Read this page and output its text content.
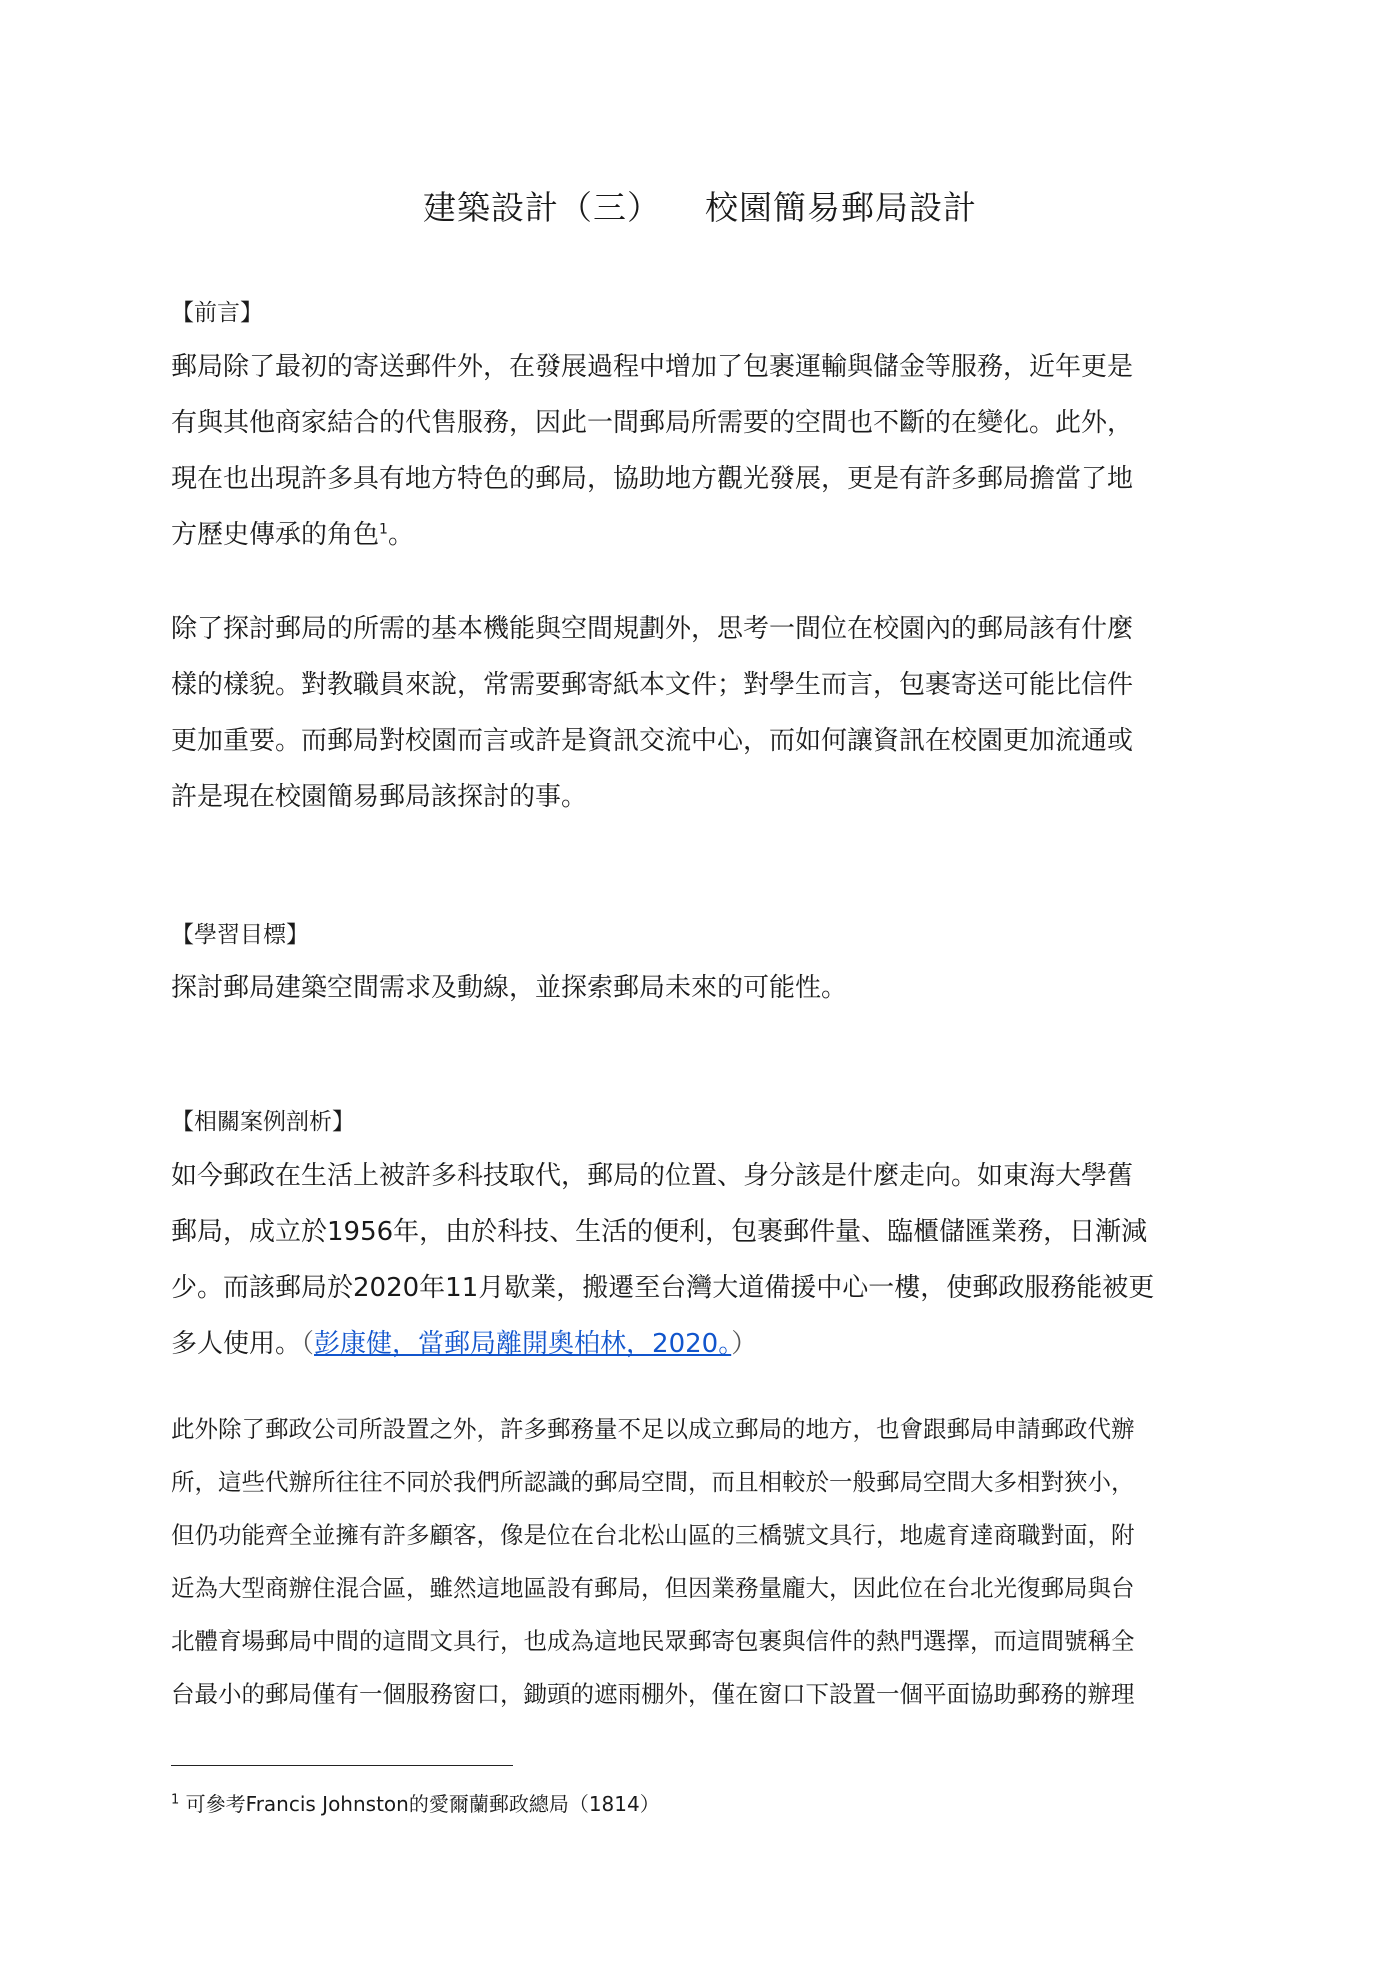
建築設計（三） 校園簡易郵局設計
【前言】
郵局除了最初的寄送郵件外，在發展過程中增加了包裹運輸與儲金等服務，近年更是
有與其他商家結合的代售服務，因此一間郵局所需要的空間也不斷的在變化。此外，
現在也出現許多具有地方特色的郵局，協助地方觀光發展，更是有許多郵局擔當了地
方歷史傳承的角色$^1$。
除了探討郵局的所需的基本機能與空間規劃外，思考一間位在校園內的郵局該有什麼
樣的樣貌。對教職員來說，常需要郵寄紙本文件；對學生而言，包裹寄送可能比信件
更加重要。而郵局對校園而言或許是資訊交流中心，而如何讓資訊在校園更加流通或
許是現在校園簡易郵局該探討的事。
【學習目標】
探討郵局建築空間需求及動線，並探索郵局未來的可能性。
【相關案例剖析】
如今郵政在生活上被許多科技取代，郵局的位置、身分該是什麼走向。如東海大學舊
郵局，成立於1956年，由於科技、生活的便利，包裹郵件量、臨櫃儲匯業務，日漸減
少。而該郵局於2020年11月歇業，搬遷至台灣大道備援中心一樓，使郵政服務能被更
多人使用。（彭康健，當郵局離開奧柏林，2020。）
此外除了郵政公司所設置之外，許多郵務量不足以成立郵局的地方，也會跟郵局申請郵政代辦
所，這些代辦所往往不同於我們所認識的郵局空間，而且相較於一般郵局空間大多相對狹小，
但仍功能齊全並擁有許多顧客，像是位在台北松山區的三橋號文具行，地處育達商職對面，附
近為大型商辦住混合區，雖然這地區設有郵局，但因業務量龐大，因此位在台北光復郵局與台
北體育場郵局中間的這間文具行，也成為這地民眾郵寄包裹與信件的熱門選擇，而這間號稱全
台最小的郵局僅有一個服務窗口，鋤頭的遮雨棚外，僅在窗口下設置一個平面協助郵務的辦理
$^1$ 可參考Francis Johnston的愛爾蘭郵政總局（1814）
